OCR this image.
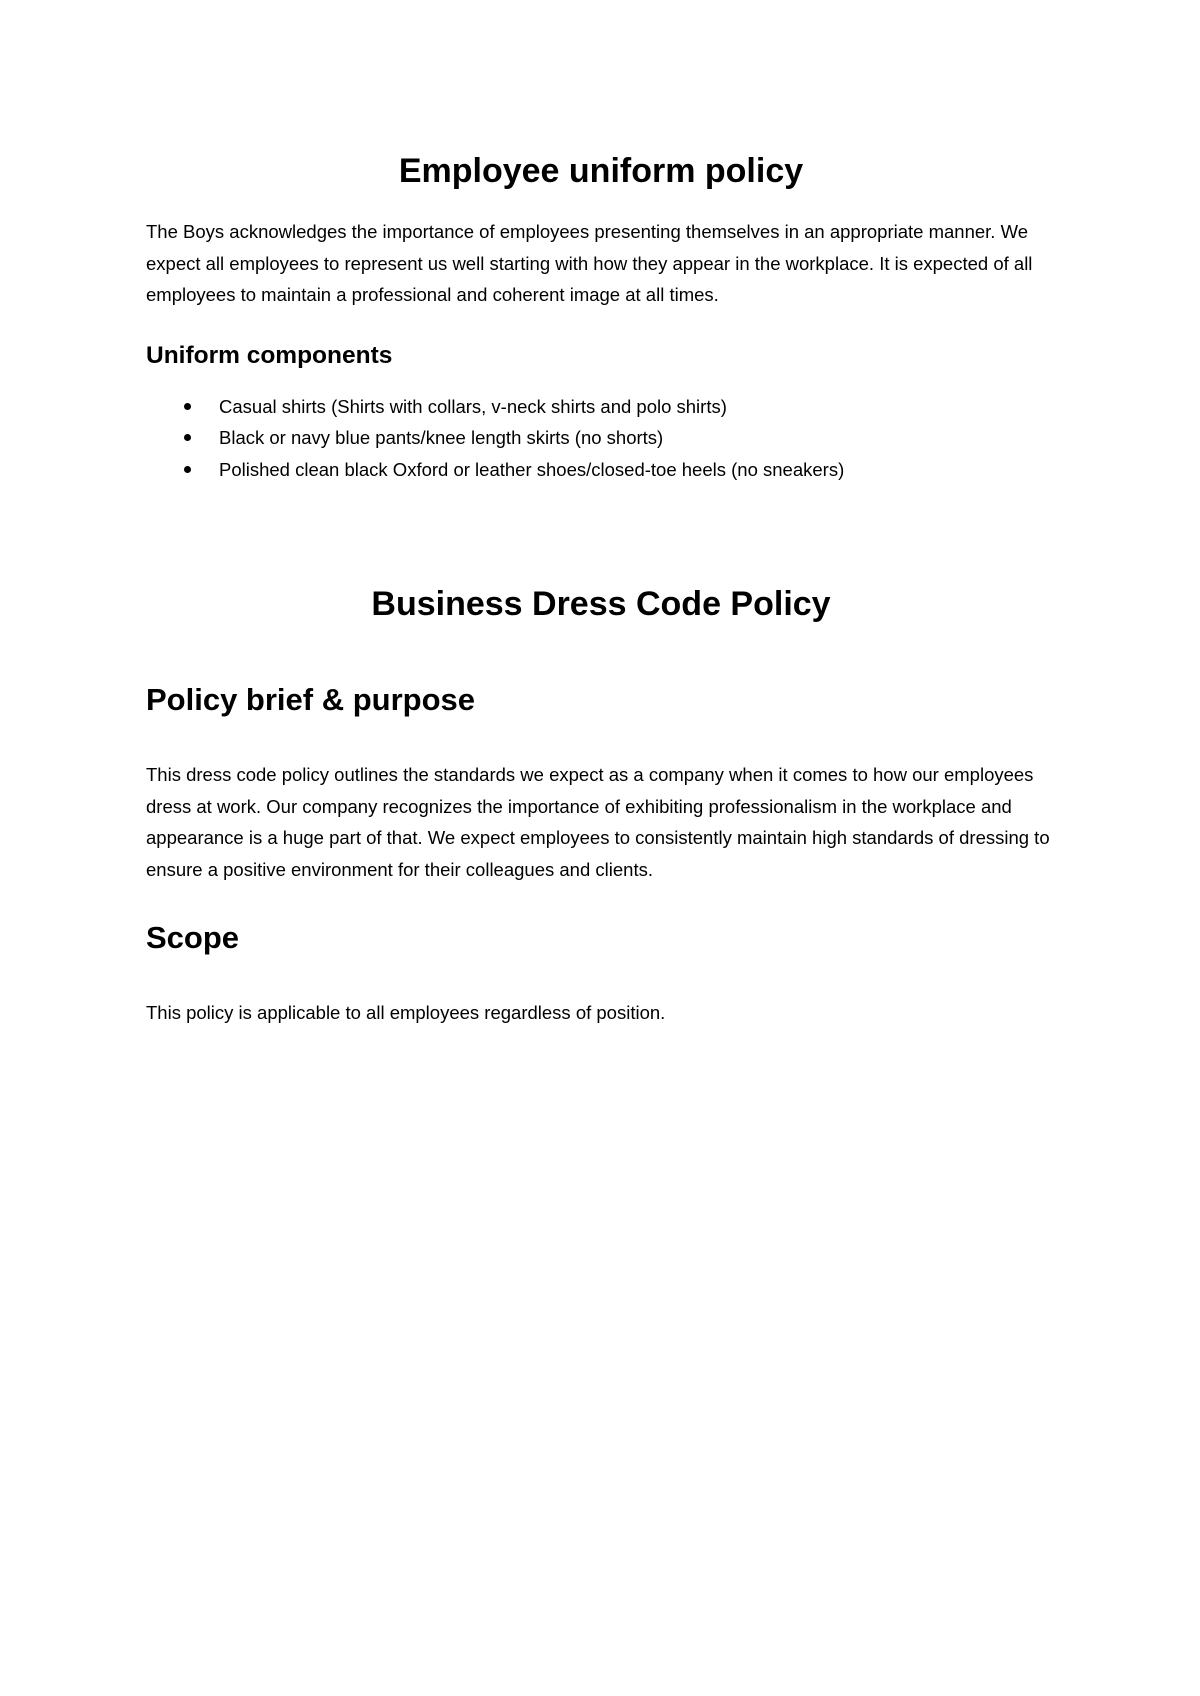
Employee uniform policy

The Boys acknowledges the importance of employees presenting themselves in an appropriate manner. We expect all employees to represent us well starting with how they appear in the workplace. It is expected of all employees to maintain a professional and coherent image at all times.

Uniform components
Casual shirts (Shirts with collars, v-neck shirts and polo shirts)
Black or navy blue pants/knee length skirts (no shorts)
Polished clean black Oxford or leather shoes/closed-toe heels (no sneakers)
Business Dress Code Policy
Policy brief & purpose

This dress code policy outlines the standards we expect as a company when it comes to how our employees dress at work. Our company recognizes the importance of exhibiting professionalism in the workplace and appearance is a huge part of that. We expect employees to consistently maintain high standards of dressing to ensure a positive environment for their colleagues and clients.

Scope

This policy is applicable to all employees regardless of position.
